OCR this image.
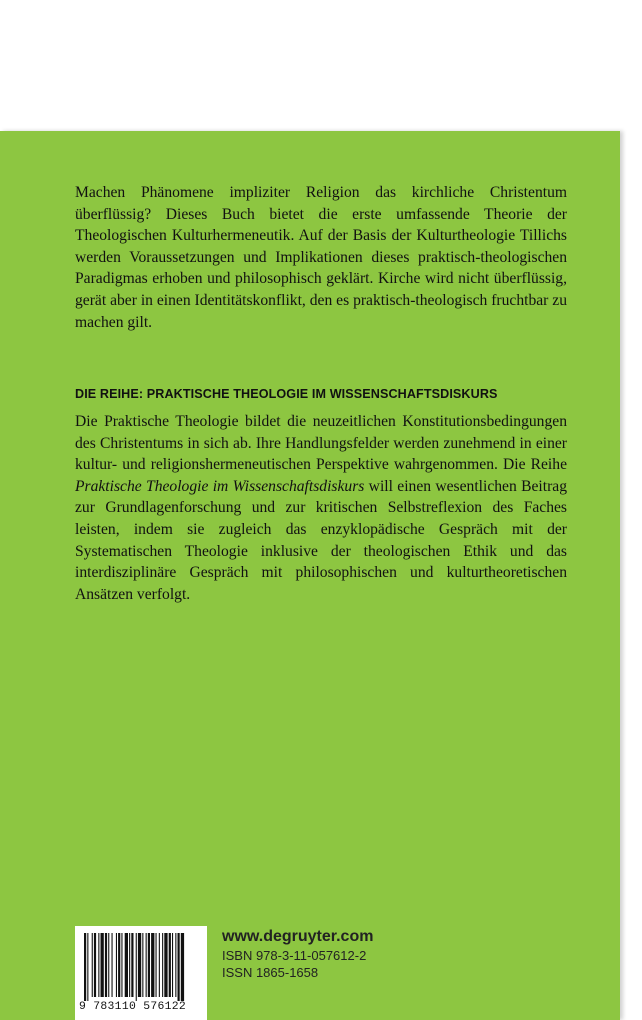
Machen Phänomene impliziter Religion das kirchliche Christentum überflüssig? Dieses Buch bietet die erste umfassende Theorie der Theologischen Kulturhermeneutik. Auf der Basis der Kulturtheologie Tillichs werden Voraussetzungen und Implikationen dieses praktisch-theologischen Paradigmas erhoben und philosophisch geklärt. Kirche wird nicht überflüssig, gerät aber in einen Identitätskonflikt, den es praktisch-theologisch fruchtbar zu machen gilt.

DIE REIHE: PRAKTISCHE THEOLOGIE IM WISSENSCHAFTSDISKURS

Die Praktische Theologie bildet die neuzeitlichen Konstitutionsbedingungen des Christentums in sich ab. Ihre Handlungsfelder werden zunehmend in einer kultur- und religionshermeneutischen Perspektive wahrgenommen. Die Reihe Praktische Theologie im Wissenschaftsdiskurs will einen wesentlichen Beitrag zur Grundlagenforschung und zur kritischen Selbstreflexion des Faches leisten, indem sie zugleich das enzyklopädische Gespräch mit der Systematischen Theologie inklusive der theologischen Ethik und das interdisziplinäre Gespräch mit philosophischen und kulturtheoretischen Ansätzen verfolgt.

9 783110 576122
www.degruyter.com
ISBN 978-3-11-057612-2
ISSN 1865-1658
